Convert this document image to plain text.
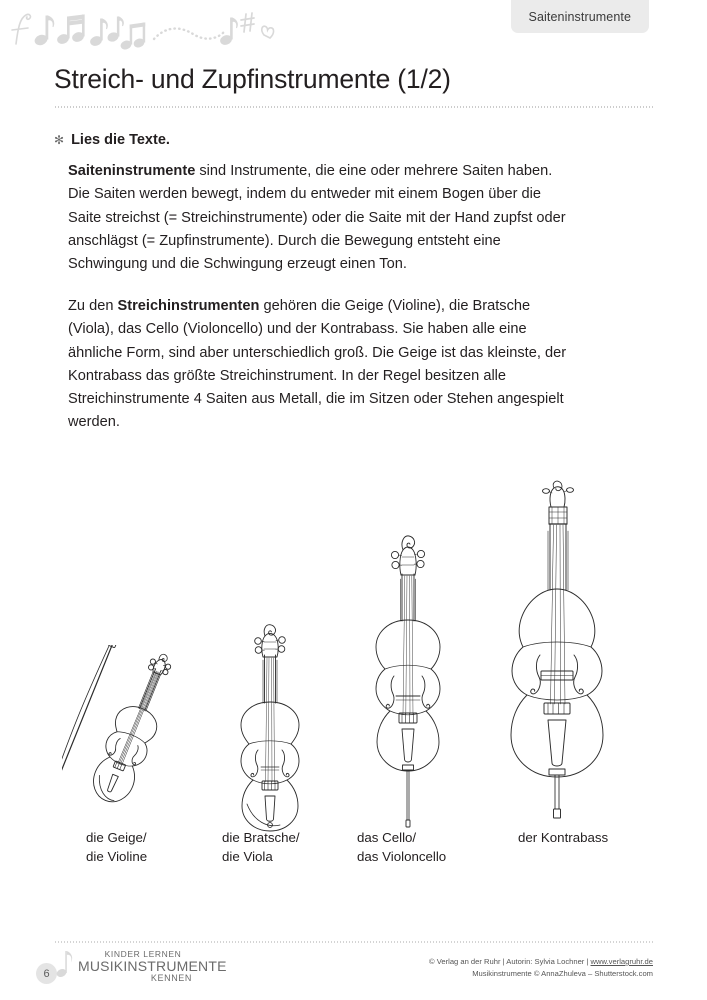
Saiteninstrumente
Streich- und Zupfinstrumente (1/2)
✻ Lies die Texte.

Saiteninstrumente sind Instrumente, die eine oder mehrere Saiten haben. Die Saiten werden bewegt, indem du entweder mit einem Bogen über die Saite streichst (= Streichinstrumente) oder die Saite mit der Hand zupfst oder anschlägst (= Zupfinstrumente). Durch die Bewegung entsteht eine Schwingung und die Schwingung erzeugt einen Ton.

Zu den Streichinstrumenten gehören die Geige (Violine), die Bratsche (Viola), das Cello (Violoncello) und der Kontrabass. Sie haben alle eine ähnliche Form, sind aber unterschiedlich groß. Die Geige ist das kleinste, der Kontrabass das größte Streichinstrument. In der Regel besitzen alle Streichinstrumente 4 Saiten aus Metall, die im Sitzen oder Stehen angespielt werden.

die Geige/
die Violine
die Bratsche/
die Viola
das Cello/
das Violoncello
der Kontrabass
6
KINDER LERNEN
MUSIKINSTRUMENTE
KENNEN
© Verlag an der Ruhr | Autorin: Sylvia Lochner | www.verlagruhr.de
Musikinstrumente © AnnaZhuleva – Shutterstock.com
